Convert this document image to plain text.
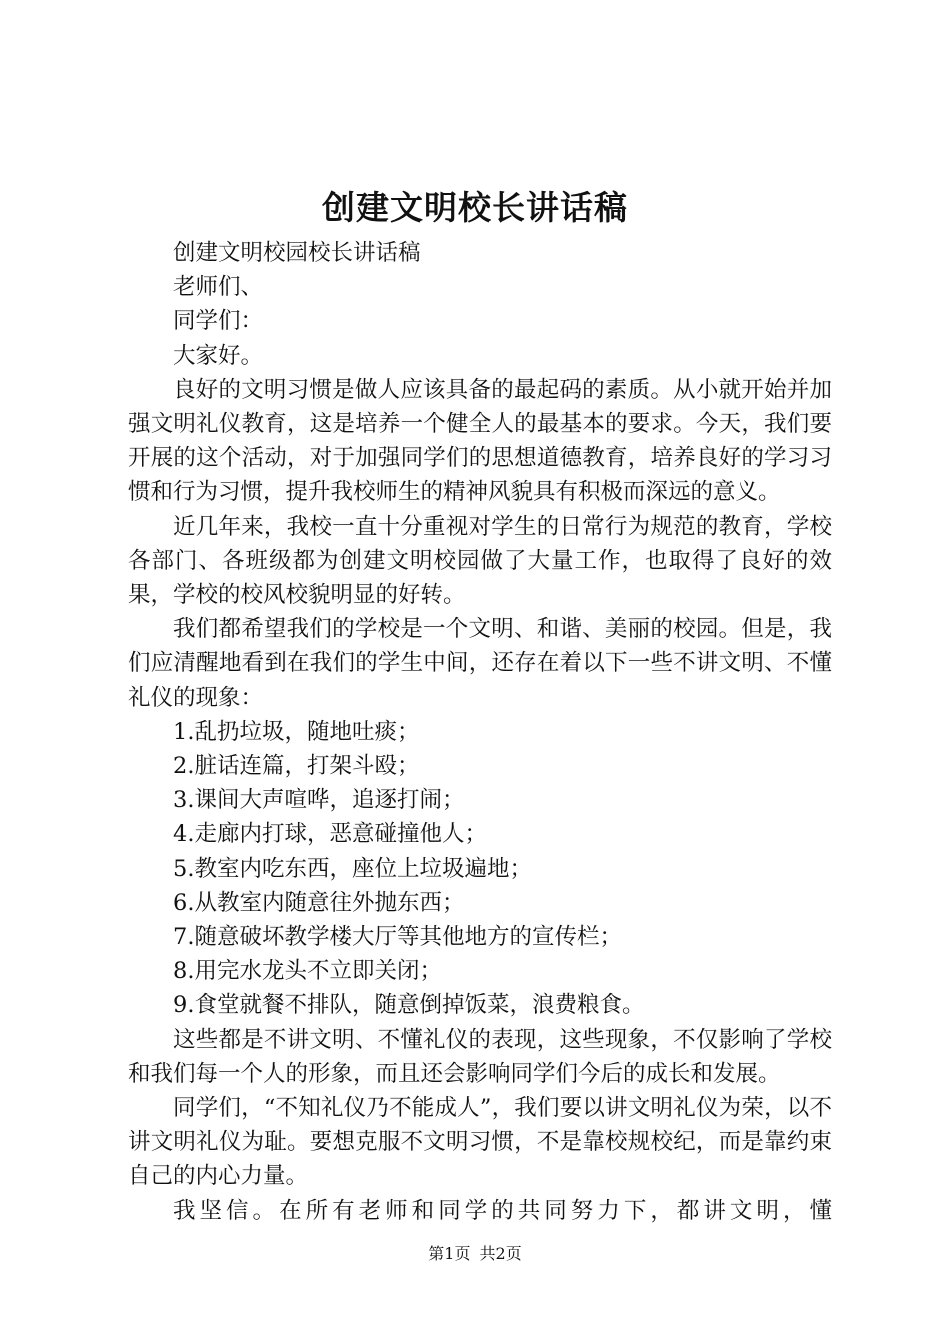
创建文明校长讲话稿

创建文明校园校长讲话稿

老师们、

同学们：

大家好。

良好的文明习惯是做人应该具备的最起码的素质。从小就开始并加强文明礼仪教育，这是培养一个健全人的最基本的要求。今天，我们要开展的这个活动，对于加强同学们的思想道德教育，培养良好的学习习惯和行为习惯，提升我校师生的精神风貌具有积极而深远的意义。

近几年来，我校一直十分重视对学生的日常行为规范的教育，学校各部门、各班级都为创建文明校园做了大量工作，也取得了良好的效果，学校的校风校貌明显的好转。

我们都希望我们的学校是一个文明、和谐、美丽的校园。但是，我们应清醒地看到在我们的学生中间，还存在着以下一些不讲文明、不懂礼仪的现象：

1.乱扔垃圾，随地吐痰；

2.脏话连篇，打架斗殴；

3.课间大声喧哗，追逐打闹；

4.走廊内打球，恶意碰撞他人；

5.教室内吃东西，座位上垃圾遍地；

6.从教室内随意往外抛东西；

7.随意破坏教学楼大厅等其他地方的宣传栏；

8.用完水龙头不立即关闭；

9.食堂就餐不排队，随意倒掉饭菜，浪费粮食。

这些都是不讲文明、不懂礼仪的表现，这些现象，不仅影响了学校和我们每一个人的形象，而且还会影响同学们今后的成长和发展。

同学们，“不知礼仪乃不能成人”，我们要以讲文明礼仪为荣，以不讲文明礼仪为耻。要想克服不文明习惯，不是靠校规校纪，而是靠约束自己的内心力量。

我坚信。在所有老师和同学的共同努力下，都讲文明，懂

第1页 共2页
